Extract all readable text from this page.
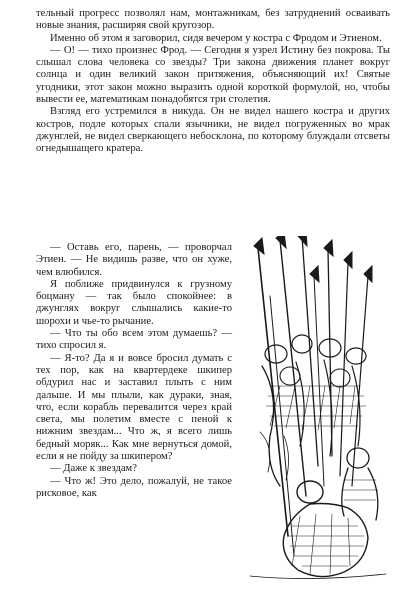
тельный прогресс позволял нам, монтажникам, без затруднений осваивать новые знания, расширяя свой кругозор.

Именно об этом я заговорил, сидя вечером у костра с Фродом и Этиеном.

— О! — тихо произнес Фрод. — Сегодня я узрел Истину без покрова. Ты слышал слова человека со звезды? Три закона движения планет вокруг солнца и один великий закон притяжения, объясняющий их! Святые угодники, этот закон можно выразить одной короткой формулой, но, чтобы вывести ее, математикам понадобятся три столетия.

Взгляд его устремился в никуда. Он не видел нашего костра и других костров, подле которых спали язычники, не видел погруженных во мрак джунглей, не видел сверкающего небосклона, по которому блуждали отсветы огнедышащего кратера.

— Оставь его, парень, — проворчал Этиен. — Не видишь разве, что он хуже, чем влюбился.

Я поближе придвинулся к грузному боцману — так было спокойнее: в джунглях вокруг слышались какие-то шорохи и чье-то рычание.

— Что ты обо всем этом думаешь? — тихо спросил я.

— Я-то? Да я и вовсе бросил думать с тех пор, как на квартердеке шкипер обдурил нас и заставил плыть с ним дальше. И мы плыли, как дураки, зная, что, если корабль перевалится через край света, мы полетим вместе с пеной к нижним звездам... Что ж, я всего лишь бедный моряк... Как мне вернуться домой, если я не пойду за шкипером?

— Даже к звездам?

— Что ж! Это дело, пожалуй, не такое рисковое, как
